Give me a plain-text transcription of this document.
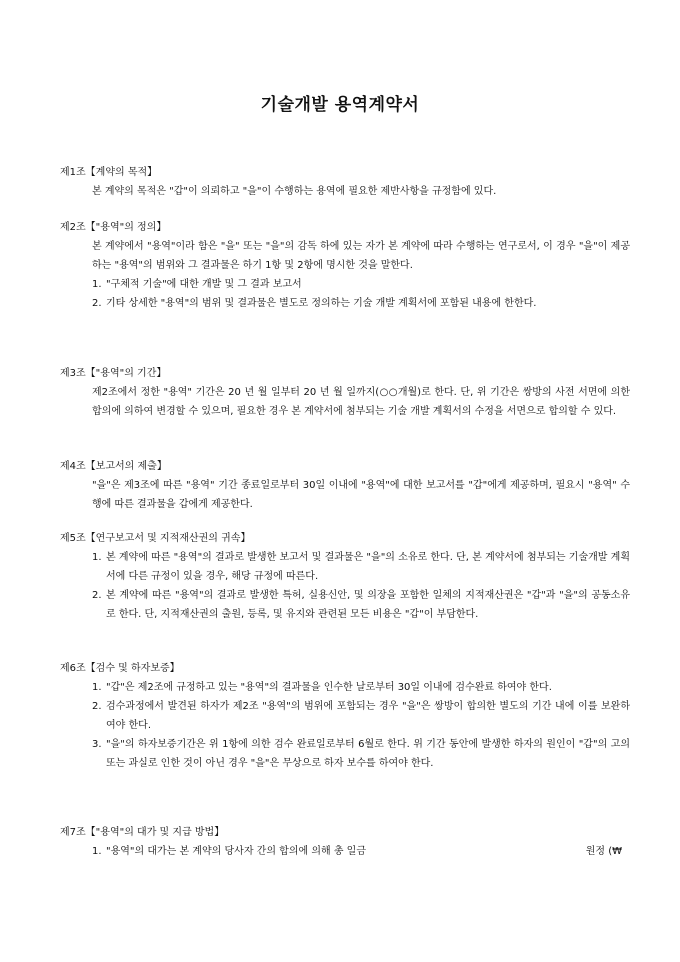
기술개발 용역계약서
제1조【계약의 목적】
본 계약의 목적은 "갑"이 의뢰하고 "을"이 수행하는 용역에 필요한 제반사항을 규정함에 있다.
제2조【"용역"의 정의】
본 계약에서 "용역"이라 함은 "을" 또는 "을"의 감독 하에 있는 자가 본 계약에 따라 수행하는 연구로서, 이 경우 "을"이 제공하는 "용역"의 범위와 그 결과물은 하기 1항 및 2항에 명시한 것을 말한다.
1. "구체적 기술"에 대한 개발 및 그 결과 보고서
2. 기타 상세한 "용역"의 범위 및 결과물은 별도로 정의하는 기술 개발 계획서에 포함된 내용에 한한다.
제3조【"용역"의 기간】
제2조에서 정한 "용역" 기간은 20 년 월 일부터 20 년 월 일까지(○○개월)로 한다. 단, 위 기간은 쌍방의 사전 서면에 의한 합의에 의하여 변경할 수 있으며, 필요한 경우 본 계약서에 첨부되는 기술 개발 계획서의 수정을 서면으로 합의할 수 있다.
제4조【보고서의 제출】
"을"은 제3조에 따른 "용역" 기간 종료일로부터 30일 이내에 "용역"에 대한 보고서를 "갑"에게 제공하며, 필요시 "용역" 수행에 따른 결과물을 갑에게 제공한다.
제5조【연구보고서 및 지적재산권의 귀속】
1. 본 계약에 따른 "용역"의 결과로 발생한 보고서 및 결과물은 "을"의 소유로 한다. 단, 본 계약서에 첨부되는 기술개발 계획서에 다른 규정이 있을 경우, 해당 규정에 따른다.
2. 본 계약에 따른 "용역"의 결과로 발생한 특허, 실용신안, 및 의장을 포함한 일체의 지적재산권은 "갑"과 "을"의 공동소유로 한다. 단, 지적재산권의 출원, 등록, 및 유지와 관련된 모든 비용은 "갑"이 부담한다.
제6조【검수 및 하자보증】
1. "갑"은 제2조에 규정하고 있는 "용역"의 결과물을 인수한 날로부터 30일 이내에 검수완료 하여야 한다.
2. 검수과정에서 발견된 하자가 제2조 "용역"의 범위에 포함되는 경우 "을"은 쌍방이 합의한 별도의 기간 내에 이를 보완하여야 한다.
3. "을"의 하자보증기간은 위 1항에 의한 검수 완료일로부터 6월로 한다. 위 기간 동안에 발생한 하자의 원인이 "갑"의 고의 또는 과실로 인한 것이 아닌 경우 "을"은 무상으로 하자 보수를 하여야 한다.
제7조【"용역"의 대가 및 지급 방법】
1. "용역"의 대가는 본 계약의 당사자 간의 합의에 의해 총 일금	원정 (₩
